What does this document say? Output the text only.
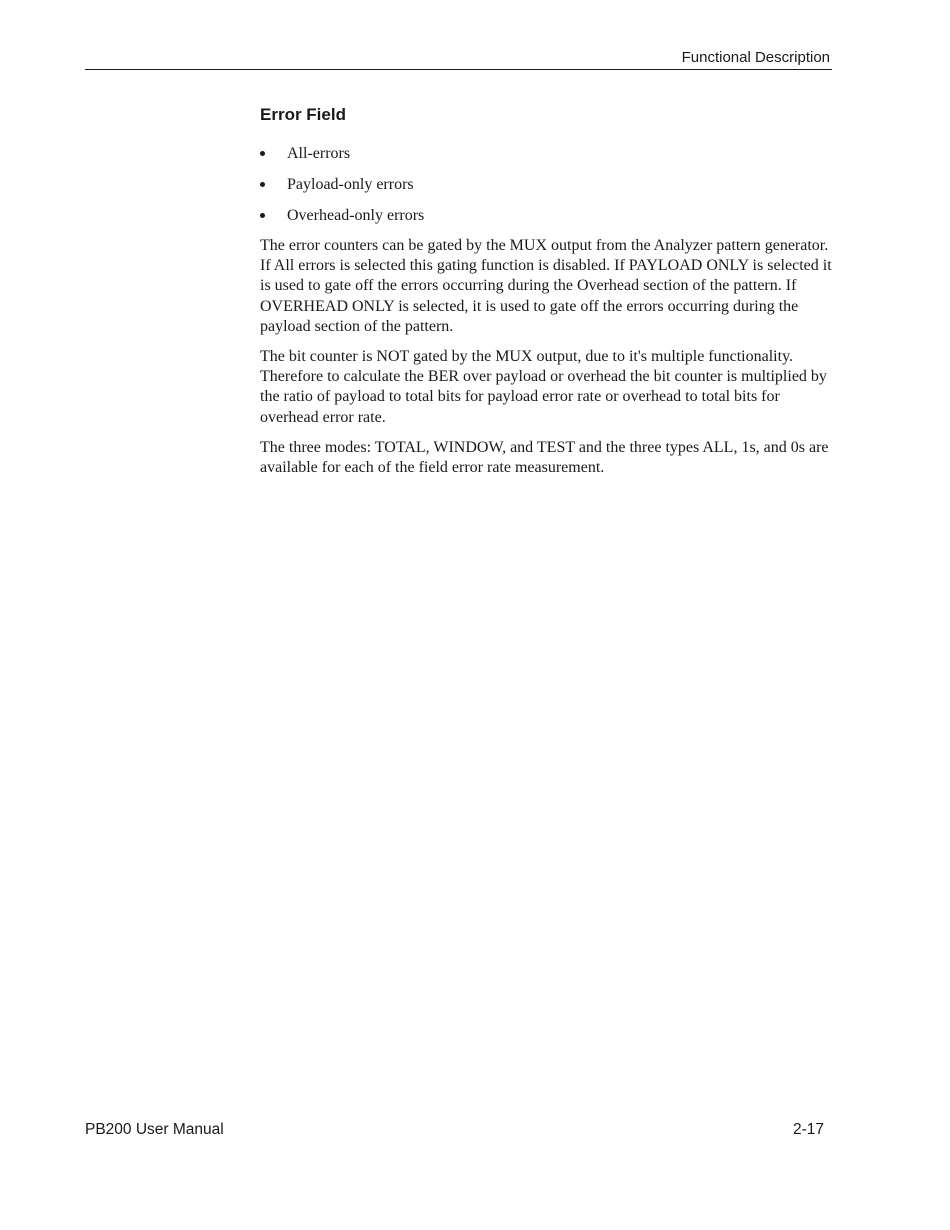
Functional Description
Error Field
All-errors
Payload-only errors
Overhead-only errors

The error counters can be gated by the MUX output from the Analyzer pattern generator. If All errors is selected this gating function is disabled. If PAYLOAD ONLY is selected it is used to gate off the errors occurring during the Overhead section of the pattern. If OVERHEAD ONLY is selected, it is used to gate off the errors occurring during the payload section of the pattern.

The bit counter is NOT gated by the MUX output, due to it's multiple functionality. Therefore to calculate the BER over payload or overhead the bit counter is multiplied by the ratio of payload to total bits for payload error rate or overhead to total bits for overhead error rate.

The three modes: TOTAL, WINDOW, and TEST and the three types ALL, 1s, and 0s are available for each of the field error rate measurement.

PB200 User Manual	2-17
